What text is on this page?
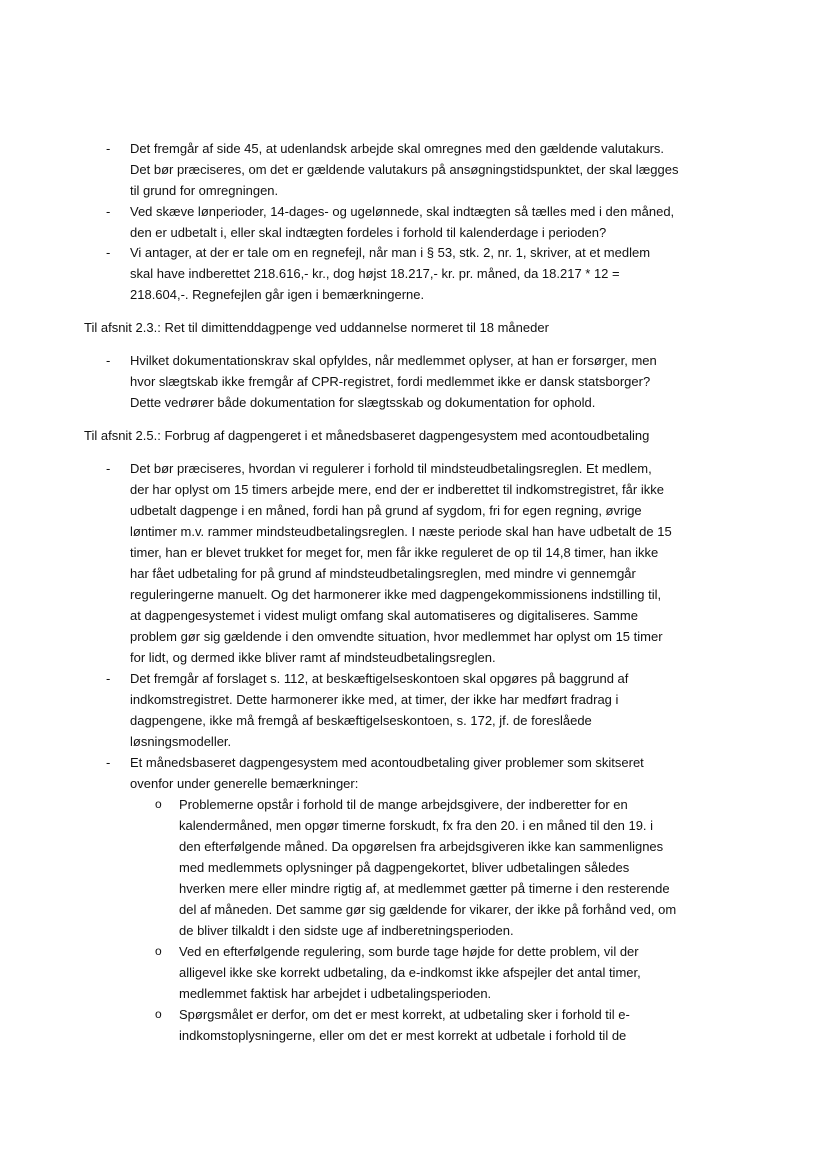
- Det fremgår af side 45, at udenlandsk arbejde skal omregnes med den gældende valutakurs.
Det bør præciseres, om det er gældende valutakurs på ansøgningstidspunktet, der skal lægges
til grund for omregningen.
- Ved skæve lønperioder, 14-dages- og ugelønnede, skal indtægten så tælles med i den måned,
den er udbetalt i, eller skal indtægten fordeles i forhold til kalenderdage i perioden?
- Vi antager, at der er tale om en regnefejl, når man i § 53, stk. 2, nr. 1, skriver, at et medlem
skal have indberettet 218.616,- kr., dog højst 18.217,- kr. pr. måned, da 18.217 * 12 =
218.604,-. Regnefejlen går igen i bemærkningerne.
Til afsnit 2.3.: Ret til dimittenddagpenge ved uddannelse normeret til 18 måneder
- Hvilket dokumentationskrav skal opfyldes, når medlemmet oplyser, at han er forsørger, men
hvor slægtskab ikke fremgår af CPR-registret, fordi medlemmet ikke er dansk statsborger?
Dette vedrører både dokumentation for slægtsskab og dokumentation for ophold.
Til afsnit 2.5.: Forbrug af dagpengeret i et månedsbaseret dagpengesystem med acontoudbetaling
- Det bør præciseres, hvordan vi regulerer i forhold til mindsteudbetalingsreglen. Et medlem,
der har oplyst om 15 timers arbejde mere, end der er indberettet til indkomstregistret, får ikke
udbetalt dagpenge i en måned, fordi han på grund af sygdom, fri for egen regning, øvrige
løntimer m.v. rammer mindsteudbetalingsreglen. I næste periode skal han have udbetalt de 15
timer, han er blevet trukket for meget for, men får ikke reguleret de op til 14,8 timer, han ikke
har fået udbetaling for på grund af mindsteudbetalingsreglen, med mindre vi gennemgår
reguleringerne manuelt. Og det harmonerer ikke med dagpengekommissionens indstilling til,
at dagpengesystemet i videst muligt omfang skal automatiseres og digitaliseres. Samme
problem gør sig gældende i den omvendte situation, hvor medlemmet har oplyst om 15 timer
for lidt, og dermed ikke bliver ramt af mindsteudbetalingsreglen.
- Det fremgår af forslaget s. 112, at beskæftigelseskontoen skal opgøres på baggrund af
indkomstregistret. Dette harmonerer ikke med, at timer, der ikke har medført fradrag i
dagpengene, ikke må fremgå af beskæftigelseskontoen, s. 172, jf. de foreslåede
løsningsmodeller.
- Et månedsbaseret dagpengesystem med acontoudbetaling giver problemer som skitseret
ovenfor under generelle bemærkninger:
o Problemerne opstår i forhold til de mange arbejdsgivere, der indberetter for en
kalendermåned, men opgør timerne forskudt, fx fra den 20. i en måned til den 19. i
den efterfølgende måned. Da opgørelsen fra arbejdsgiveren ikke kan sammenlignes
med medlemmets oplysninger på dagpengekortet, bliver udbetalingen således
hverken mere eller mindre rigtig af, at medlemmet gætter på timerne i den resterende
del af måneden. Det samme gør sig gældende for vikarer, der ikke på forhånd ved, om
de bliver tilkaldt i den sidste uge af indberetningsperioden.
o Ved en efterfølgende regulering, som burde tage højde for dette problem, vil der
alligevel ikke ske korrekt udbetaling, da e-indkomst ikke afspejler det antal timer,
medlemmet faktisk har arbejdet i udbetalingsperioden.
o Spørgsmålet er derfor, om det er mest korrekt, at udbetaling sker i forhold til e-
indkomstoplysningerne, eller om det er mest korrekt at udbetale i forhold til de
